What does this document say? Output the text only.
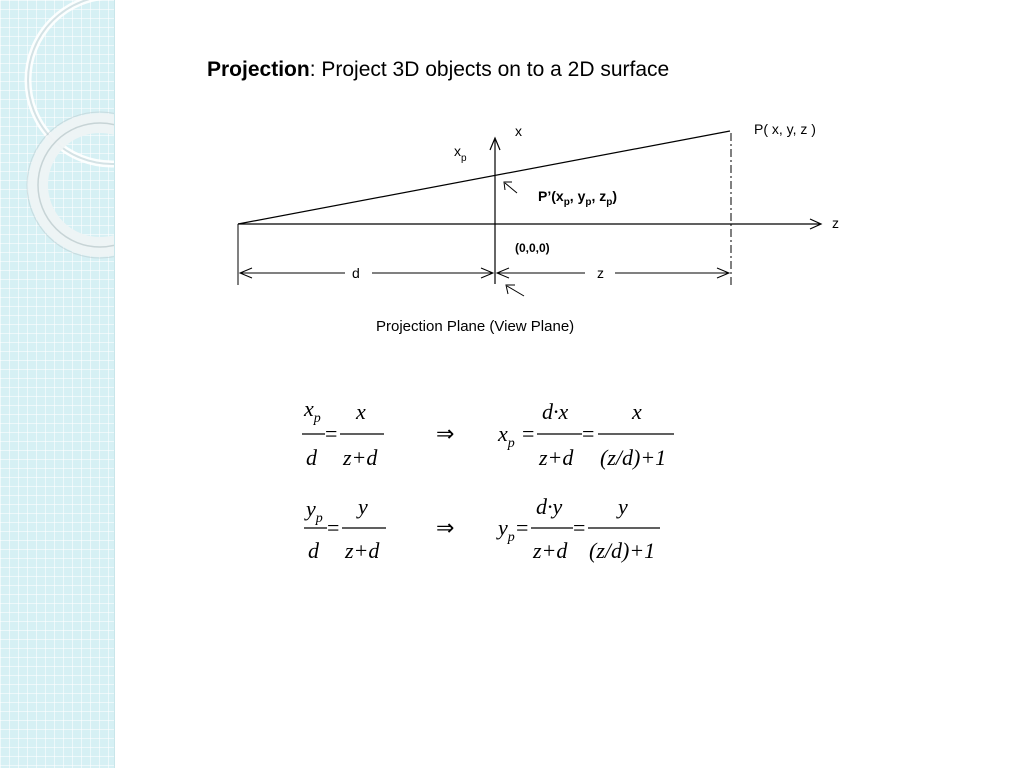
Projection: Project 3D objects on to a 2D surface
x
$x_p$
P( x, y, z )
$P’(x_p$, $y_p$, $z_p$)
z
(0,0,0)
d	z
Projection Plane (View Plane)
$x_p$
d
=
x
z+d
⇒ $x_p$ =
d·x
z+d
=
x
(z/d)+1
$y_p$
d
=
y
z+d
⇒ $y_p$ =
d·y
z+d
=
y
(z/d)+1
